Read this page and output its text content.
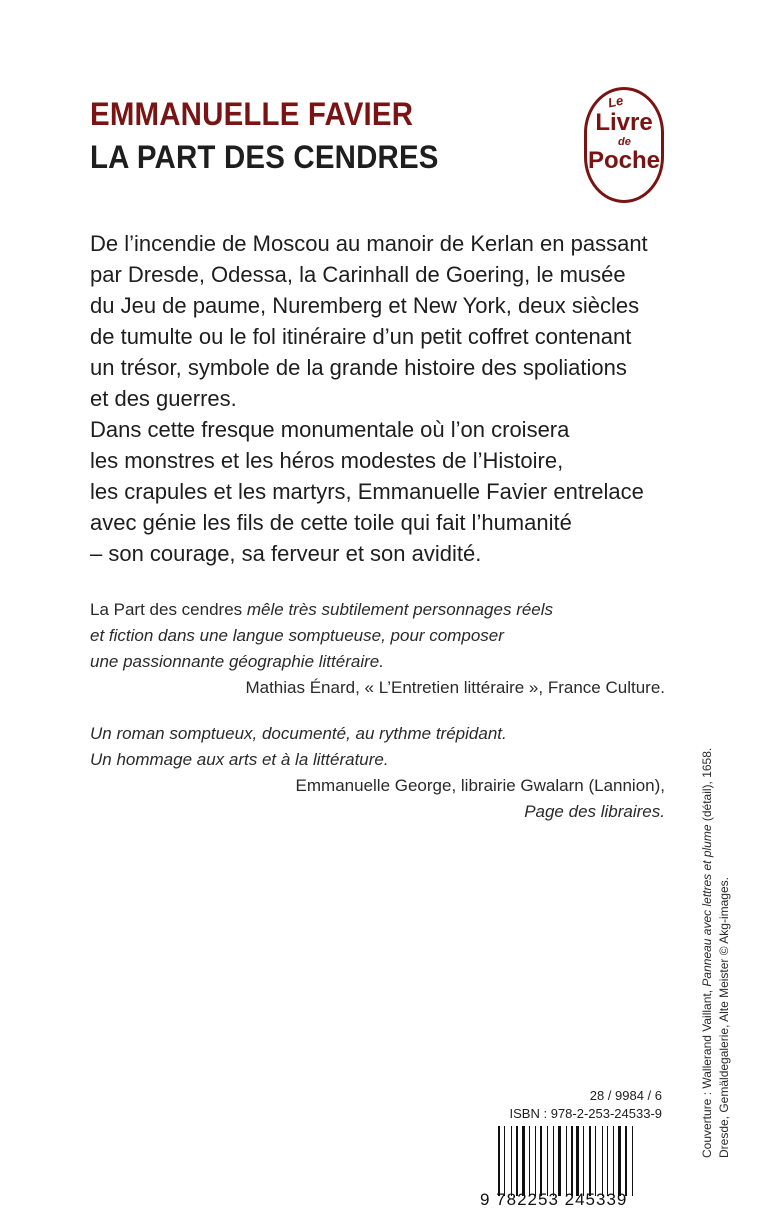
EMMANUELLE FAVIER
LA PART DES CENDRES
Le
Livre
de
Poche

De l’incendie de Moscou au manoir de Kerlan en passant

par Dresde, Odessa, la Carinhall de Goering, le musée

du Jeu de paume, Nuremberg et New York, deux siècles

de tumulte ou le fol itinéraire d’un petit coffret contenant

un trésor, symbole de la grande histoire des spoliations

et des guerres.

Dans cette fresque monumentale où l’on croisera

les monstres et les héros modestes de l’Histoire,

les crapules et les martyrs, Emmanuelle Favier entrelace

avec génie les fils de cette toile qui fait l’humanité

– son courage, sa ferveur et son avidité.

La Part des cendres mêle très subtilement personnages réels
et fiction dans une langue somptueuse, pour composer
une passionnante géographie littéraire.
Mathias Énard, « L’Entretien littéraire », France Culture.
Un roman somptueux, documenté, au rythme trépidant.
Un hommage aux arts et à la littérature.
Emmanuelle George, librairie Gwalarn (Lannion),
Page des libraires.
28 / 9984 / 6
ISBN : 978-2-253-24533-9
9 782253 245339
Couverture : Wallerand Vaillant, Panneau avec lettres et plume (détail), 1658.
Dresde, Gemäldegalerie, Alte Meister © Akg-images.
